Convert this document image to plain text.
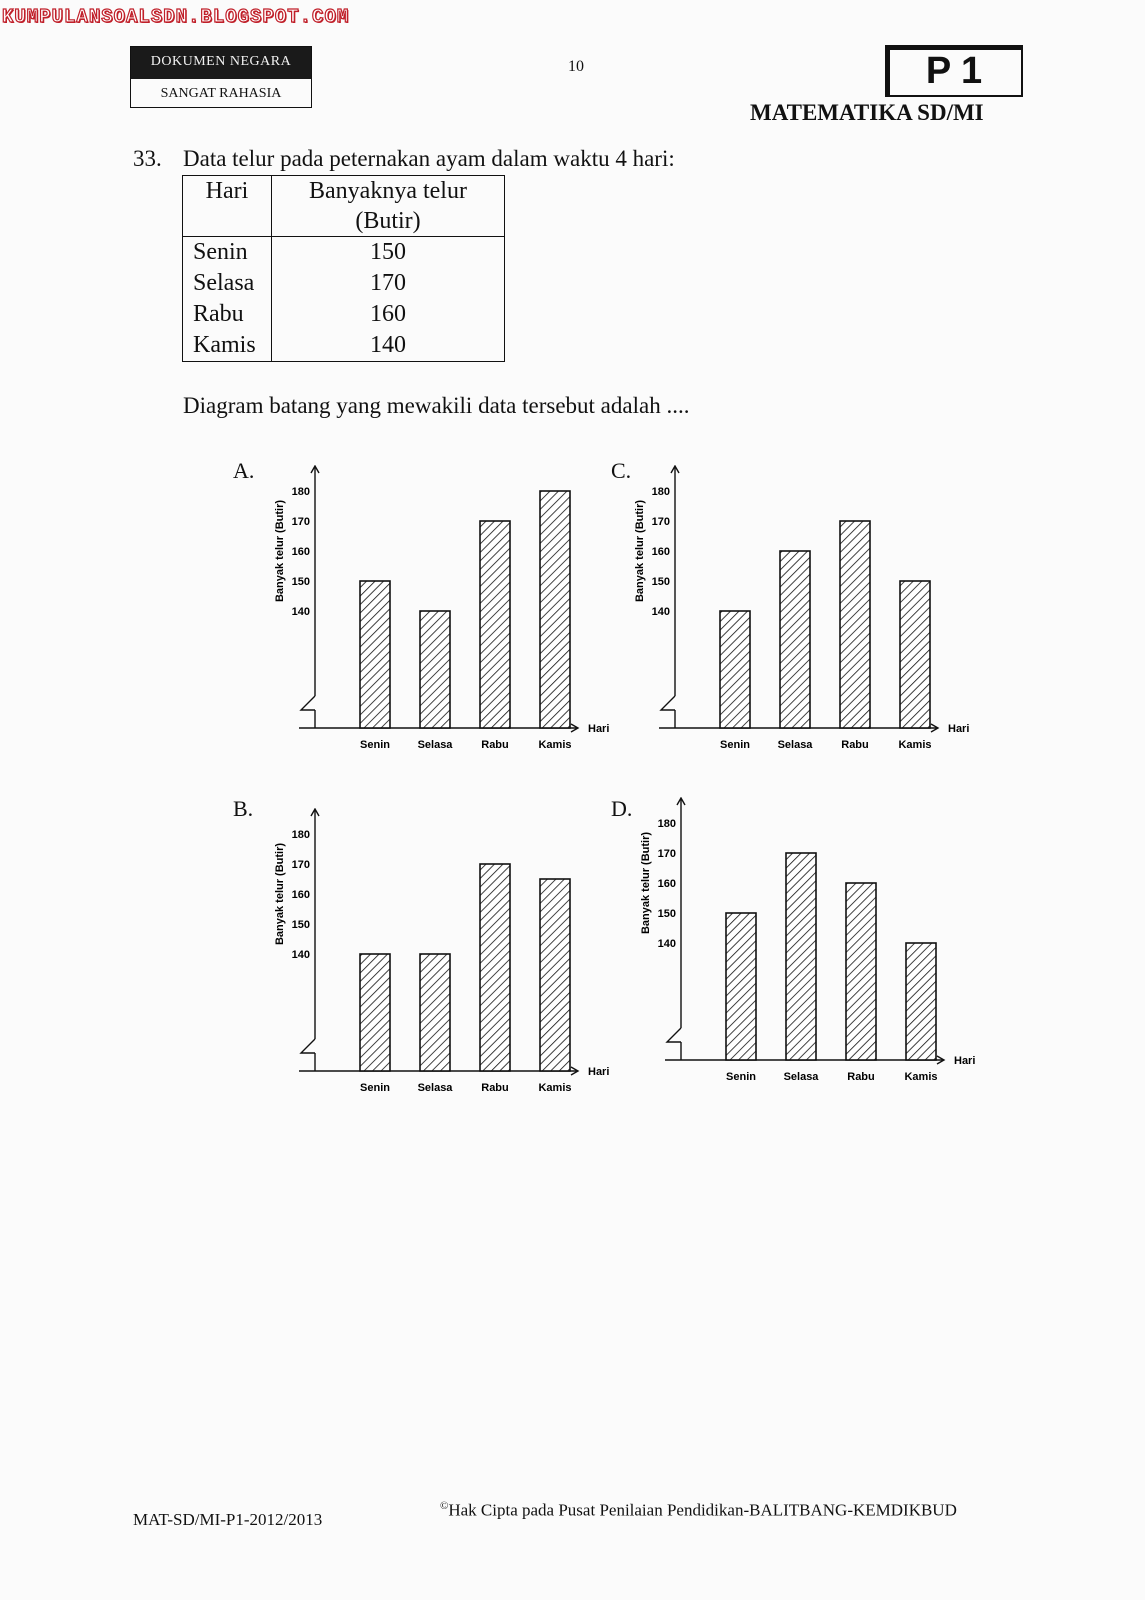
KUMPULANSOALSDN.BLOGSPOT.COM
DOKUMEN NEGARA
SANGAT RAHASIA
10	P 1
MATEMATIKA SD/MI
33. Data telur pada peternakan ayam dalam waktu 4 hari:
Hari	Banyaknya telur
(Butir)
Senin	150
Selasa	170
Rabu	160
Kamis	140
Diagram batang yang mewakili data tersebut adalah ....
A.	C.
B.	D.
180
170
160
150
140
Banyak telur (Butir)
Hari
Senin	Selasa	Rabu	Kamis
180
170
160
150
140
Banyak telur (Butir)
Hari
Senin	Selasa	Rabu	Kamis
180
170
160
150
140
Banyak telur (Butir)
Hari
Senin	Selasa	Rabu	Kamis
180
170
160
150
140
Banyak telur (Butir)
Hari
Senin	Selasa	Rabu	Kamis
MAT-SD/MI-P1-2012/2013
©Hak Cipta pada Pusat Penilaian Pendidikan-BALITBANG-KEMDIKBUD
